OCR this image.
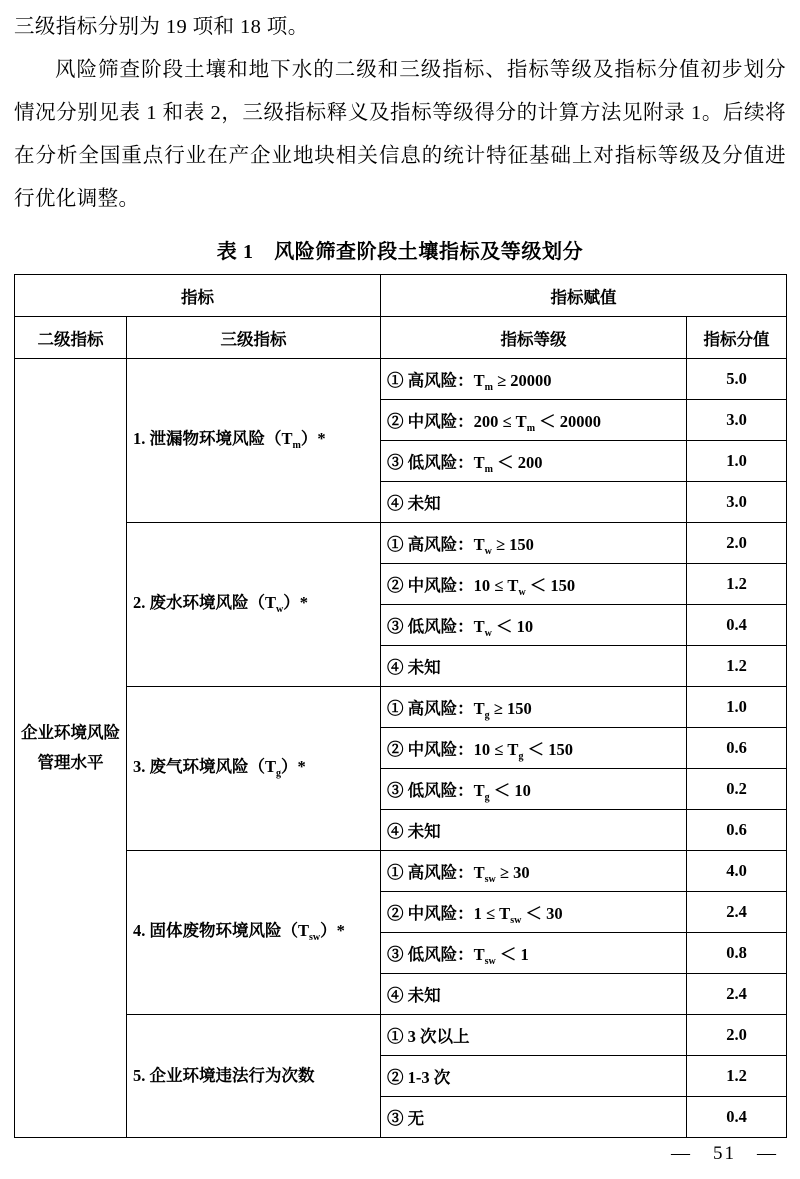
三级指标分别为 19 项和 18 项。

风险筛查阶段土壤和地下水的二级和三级指标、指标等级及指标分值初步划分情况分别见表 1 和表 2，三级指标释义及指标等级得分的计算方法见附录 1。后续将在分析全国重点行业在产企业地块相关信息的统计特征基础上对指标等级及分值进行优化调整。

表 1　风险筛查阶段土壤指标及等级划分
指标		指标赋值	
二级指标	三级指标	指标等级	指标分值
企业环境风险管理水平	1. 泄漏物环境风险$(T_m)*$	① 高风险：$T_m \ge 20000$	5.0
		② 中风险：$200 \le T_m < 20000$	3.0
		③ 低风险：$T_m < 200$	1.0
		④ 未知	3.0
	2. 废水环境风险$(T_w)*$	① 高风险：$T_w \ge 150$	2.0
		② 中风险：$10 \le T_w < 150$	1.2
		③ 低风险：$T_w < 10$	0.4
		④ 未知	1.2
	3. 废气环境风险$(T_g)*$	① 高风险：$T_g \ge 150$	1.0
		② 中风险：$10 \le T_g < 150$	0.6
		③ 低风险：$T_g < 10$	0.2
		④ 未知	0.6
	4. 固体废物环境风险$(T_{sw})*$	① 高风险：$T_{sw} \ge 30$	4.0
		② 中风险：$1 \le T_{sw} < 30$	2.4
		③ 低风险：$T_{sw} < 1$	0.8
		④ 未知	2.4
	5. 企业环境违法行为次数	① 3 次以上	2.0
		② 1-3 次	1.2
		③ 无	0.4
—　51　—
